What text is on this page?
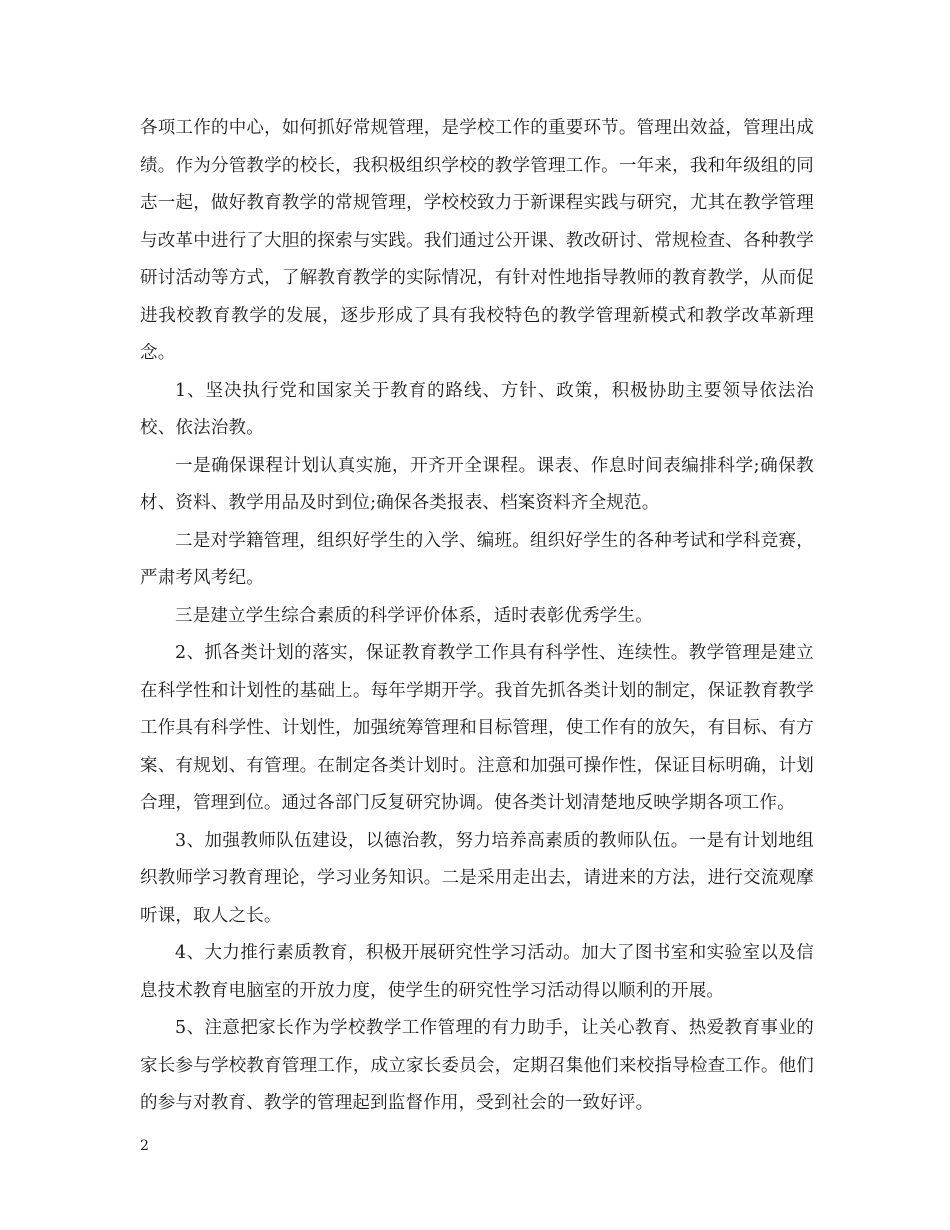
各项工作的中心，如何抓好常规管理，是学校工作的重要环节。管理出效益，管理出成绩。作为分管教学的校长，我积极组织学校的教学管理工作。一年来，我和年级组的同志一起，做好教育教学的常规管理，学校校致力于新课程实践与研究，尤其在教学管理与改革中进行了大胆的探索与实践。我们通过公开课、教改研讨、常规检查、各种教学研讨活动等方式，了解教育教学的实际情况，有针对性地指导教师的教育教学，从而促进我校教育教学的发展，逐步形成了具有我校特色的教学管理新模式和教学改革新理念。

1、坚决执行党和国家关于教育的路线、方针、政策，积极协助主要领导依法治校、依法治教。

一是确保课程计划认真实施，开齐开全课程。课表、作息时间表编排科学;确保教材、资料、教学用品及时到位;确保各类报表、档案资料齐全规范。

二是对学籍管理，组织好学生的入学、编班。组织好学生的各种考试和学科竞赛，严肃考风考纪。

三是建立学生综合素质的科学评价体系，适时表彰优秀学生。

2、抓各类计划的落实，保证教育教学工作具有科学性、连续性。教学管理是建立在科学性和计划性的基础上。每年学期开学。我首先抓各类计划的制定，保证教育教学工作具有科学性、计划性，加强统筹管理和目标管理，使工作有的放矢，有目标、有方案、有规划、有管理。在制定各类计划时。注意和加强可操作性，保证目标明确，计划合理，管理到位。通过各部门反复研究协调。使各类计划清楚地反映学期各项工作。

3、加强教师队伍建设，以德治教，努力培养高素质的教师队伍。一是有计划地组织教师学习教育理论，学习业务知识。二是采用走出去，请进来的方法，进行交流观摩听课，取人之长。

4、大力推行素质教育，积极开展研究性学习活动。加大了图书室和实验室以及信息技术教育电脑室的开放力度，使学生的研究性学习活动得以顺利的开展。

5、注意把家长作为学校教学工作管理的有力助手，让关心教育、热爱教育事业的家长参与学校教育管理工作，成立家长委员会，定期召集他们来校指导检查工作。他们的参与对教育、教学的管理起到监督作用，受到社会的一致好评。

2
